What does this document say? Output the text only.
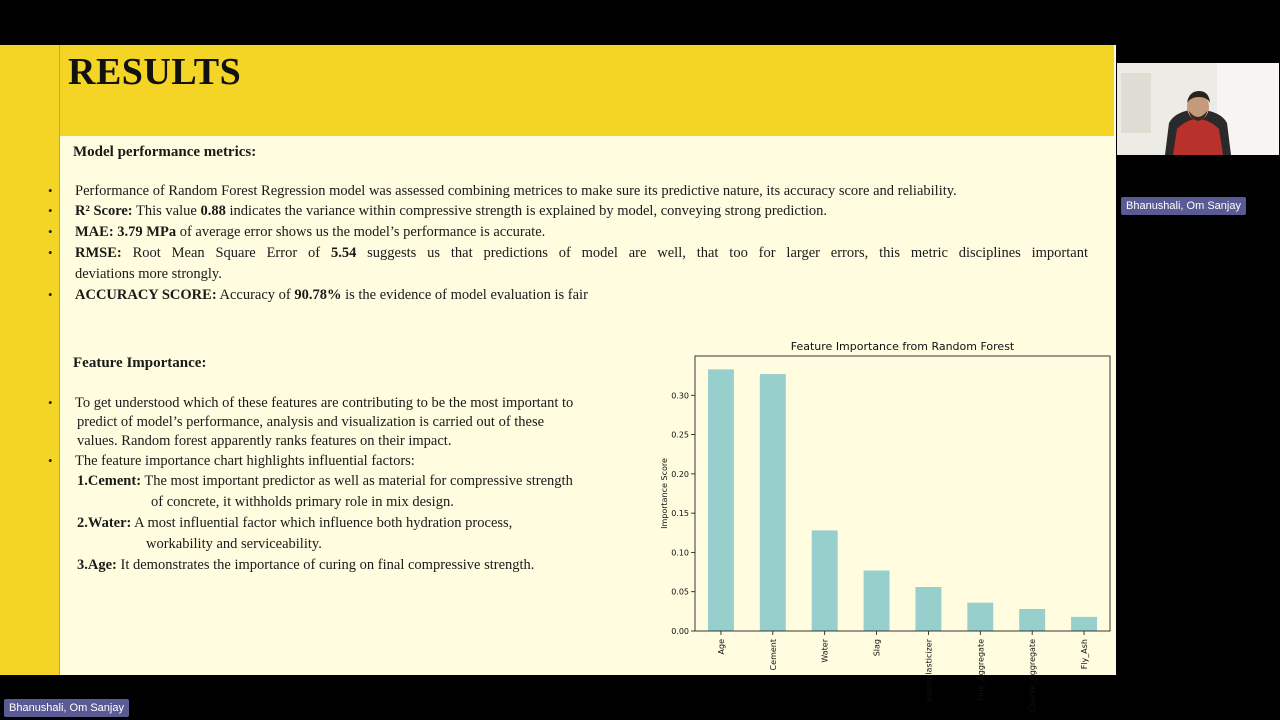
RESULTS
Model performance metrics:
• Performance of Random Forest Regression model was assessed combining metrices to make sure its predictive nature, its accuracy score and reliability.
• R² Score: This value 0.88 indicates the variance within compressive strength is explained by model, conveying strong prediction.
• MAE: 3.79 MPa of average error shows us the model’s performance is accurate.
• RMSE: Root Mean Square Error of 5.54 suggests us that predictions of model are well, that too for larger errors, this metric disciplines important
deviations more strongly.
• ACCURACY SCORE: Accuracy of 90.78% is the evidence of model evaluation is fair
Feature Importance:
• To get understood which of these features are contributing to be the most important to
predict of model’s performance, analysis and visualization is carried out of these
values. Random forest apparently ranks features on their impact.
• The feature importance chart highlights influential factors:
1.Cement: The most important predictor as well as material for compressive strength
of concrete, it withholds primary role in mix design.
2.Water: A most influential factor which influence both hydration process,
workability and serviceability.
3.Age: It demonstrates the importance of curing on final compressive strength.
Feature Importance from Random Forest
Importance Score
Age	Cement	Water	Slag	Superplasticizer	Fine_Aggregate	Coarse_Aggregate	Fly_Ash
0.00
0.05
0.10
0.15
0.20
0.25
0.30
Bhanushali, Om Sanjay
Bhanushali, Om Sanjay
